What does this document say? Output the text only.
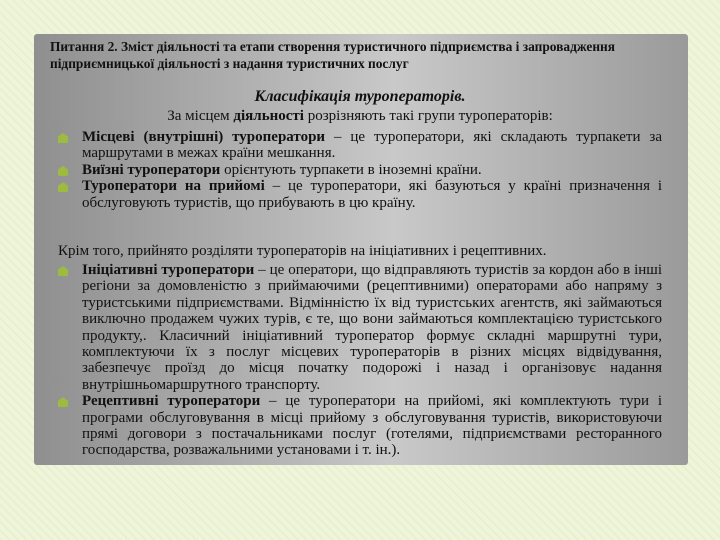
Питання 2. Зміст діяльності та етапи створення туристичного підприємства і запровадження підприємницької діяльності з надання туристичних послуг
Класифікація туроператорів.
За місцем діяльності розрізняють такі групи туроператорів:
Місцеві (внутрішні) туроператори – це туроператори, які складають турпакети за маршрутами в межах країни мешкання.
Виїзні туроператори орієнтують турпакети в іноземні країни.
Туроператори на прийомі – це туроператори, які базуються у країні призначення і обслуговують туристів, що прибувають в цю країну.
Крім того, прийнято розділяти туроператорів на ініціативних і рецептивних.
Ініціативні туроператори – це оператори, що відправляють туристів за кордон або в інші регіони за домовленістю з приймаючими (рецептивними) операторами або напряму з туристськими підприємствами. Відмінністю їх від туристських агентств, які займаються виключно продажем чужих турів, є те, що вони займаються комплектацією туристського продукту,. Класичний ініціативний туроператор формує складні маршрутні тури, комплектуючи їх з послуг місцевих туроператорів в різних місцях відвідування, забезпечує проїзд до місця початку подорожі і назад і організовує надання внутрішньомаршрутного транспорту.
Рецептивні туроператори – це туроператори на прийомі, які комплектують тури і програми обслуговування в місці прийому з обслуговування туристів, використовуючи прямі договори з постачальниками послуг (готелями, підприємствами ресторанного господарства, розважальними установами і т. ін.).
